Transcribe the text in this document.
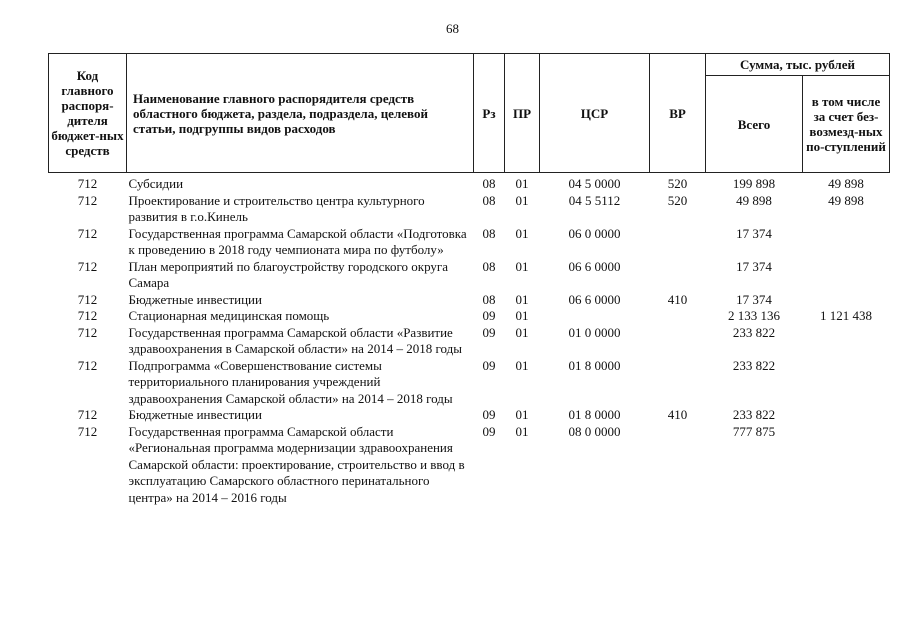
68
Код главного распоря-дителя бюджет-ных средств	Наименование главного распорядителя средств областного бюджета, раздела, подраздела, целевой статьи, подгруппы видов расходов	Рз	ПР	ЦСР	ВР	Сумма, тыс. рублей	
						Всего	в том числе за счет без-возмезд-ных по-ступлений
712	Субсидии	08	01	04 5 0000	520	199 898	49 898
712	Проектирование и строительство центра культурного развития в г.о.Кинель	08	01	04 5 5112	520	49 898	49 898
712	Государственная программа Самарской области «Подготовка к проведению в 2018 году чемпионата мира по футболу»	08	01	06 0 0000		17 374	
712	План мероприятий по благоустройству городского округа Самара	08	01	06 6 0000		17 374	
712	Бюджетные инвестиции	08	01	06 6 0000	410	17 374	
712	Стационарная медицинская помощь	09	01			2 133 136	1 121 438
712	Государственная программа Самарской области «Развитие здравоохранения в Самарской области» на 2014 – 2018 годы	09	01	01 0 0000		233 822	
712	Подпрограмма «Совершенствование системы территориального планирования учреждений здравоохранения Самарской области» на 2014 – 2018 годы	09	01	01 8 0000		233 822	
712	Бюджетные инвестиции	09	01	01 8 0000	410	233 822	
712	Государственная программа Самарской области «Региональная программа модернизации здравоохранения Самарской области: проектирование, строительство и ввод в эксплуатацию Самарского областного перинатального центра» на 2014 – 2016 годы	09	01	08 0 0000		777 875	
